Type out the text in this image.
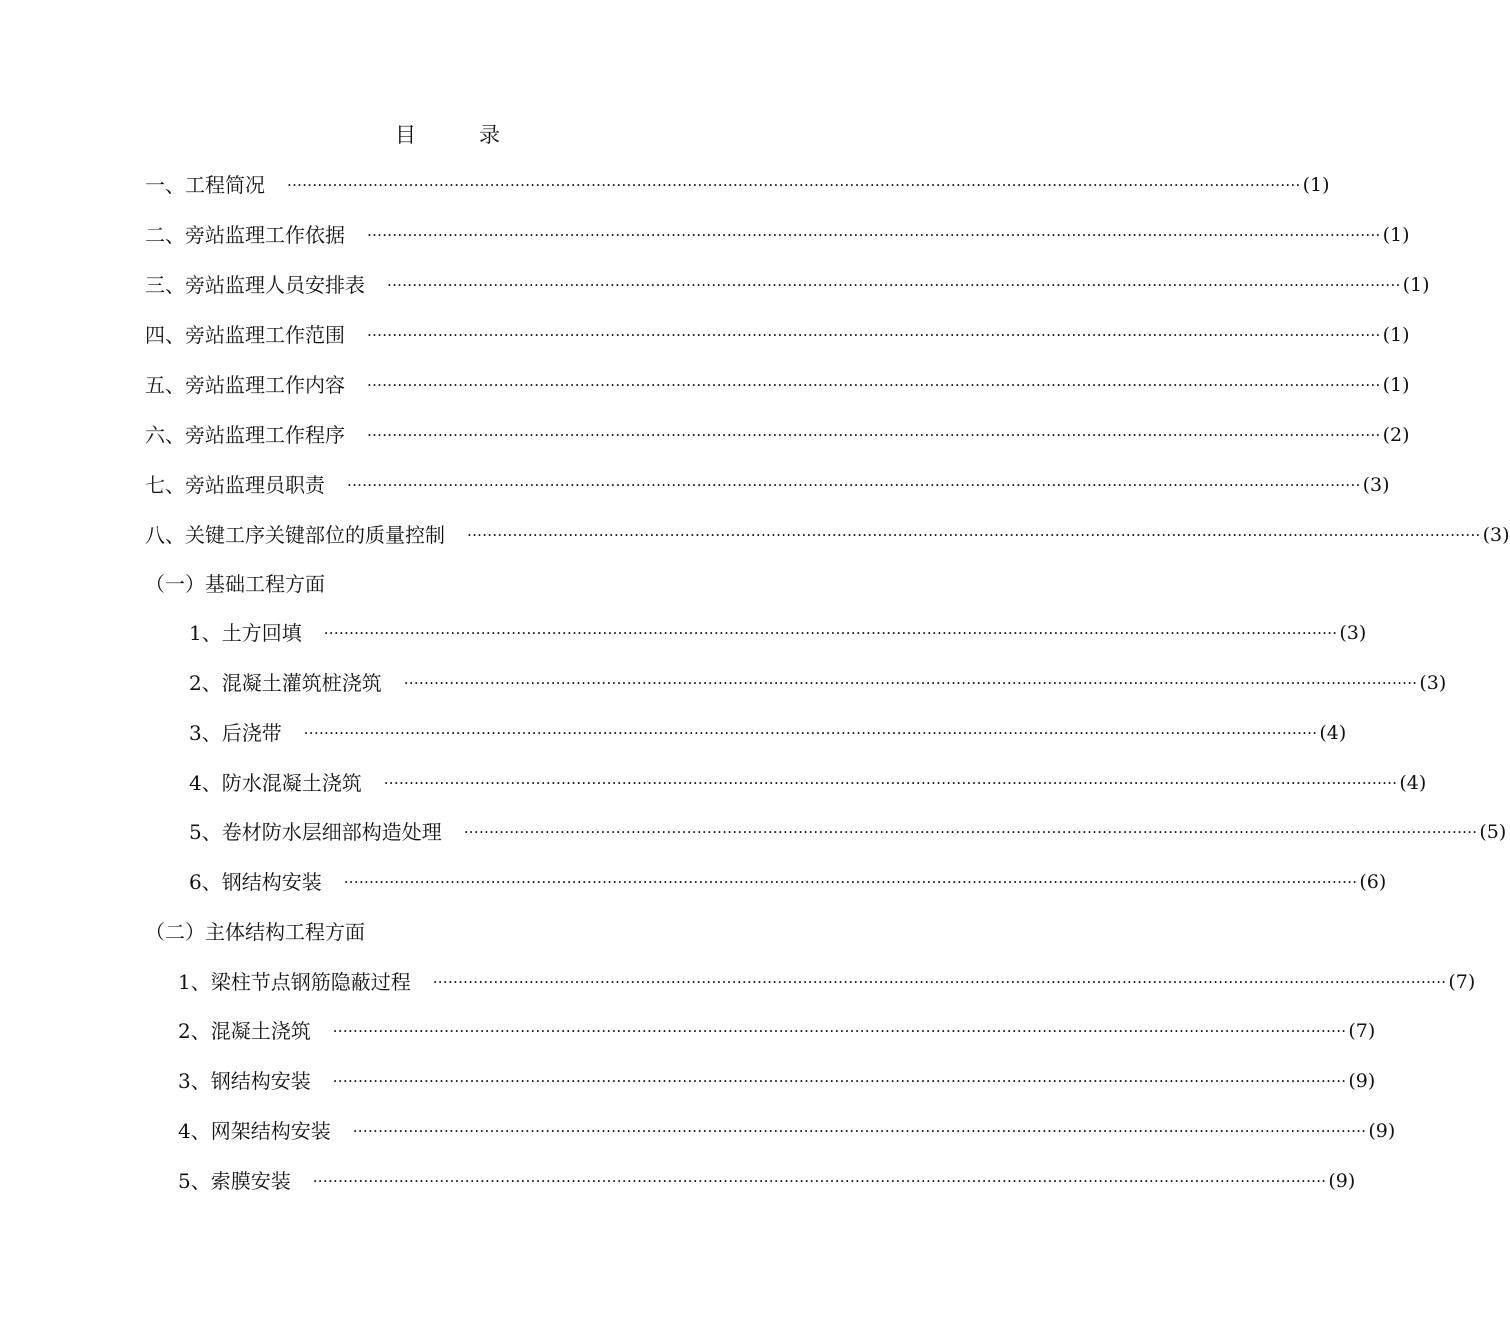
目　　　录
一、工程简况 ········································································································································································································ (1)
二、旁站监理工作依据 ········································································································································································································ (1)
三、旁站监理人员安排表 ········································································································································································································ (1)
四、旁站监理工作范围 ········································································································································································································ (1)
五、旁站监理工作内容 ········································································································································································································ (1)
六、旁站监理工作程序 ········································································································································································································ (2)
七、旁站监理员职责 ········································································································································································································ (3)
八、关键工序关键部位的质量控制 ········································································································································································································ (3)
（一）基础工程方面
1、土方回填 ········································································································································································································ (3)
2、混凝土灌筑桩浇筑 ········································································································································································································ (3)
3、后浇带 ········································································································································································································ (4)
4、防水混凝土浇筑 ········································································································································································································ (4)
5、卷材防水层细部构造处理 ········································································································································································································ (5)
6、钢结构安装 ········································································································································································································ (6)
（二）主体结构工程方面
1、梁柱节点钢筋隐蔽过程 ········································································································································································································ (7)
2、混凝土浇筑 ········································································································································································································ (7)
3、钢结构安装 ········································································································································································································ (9)
4、网架结构安装 ········································································································································································································ (9)
5、索膜安装 ········································································································································································································ (9)
